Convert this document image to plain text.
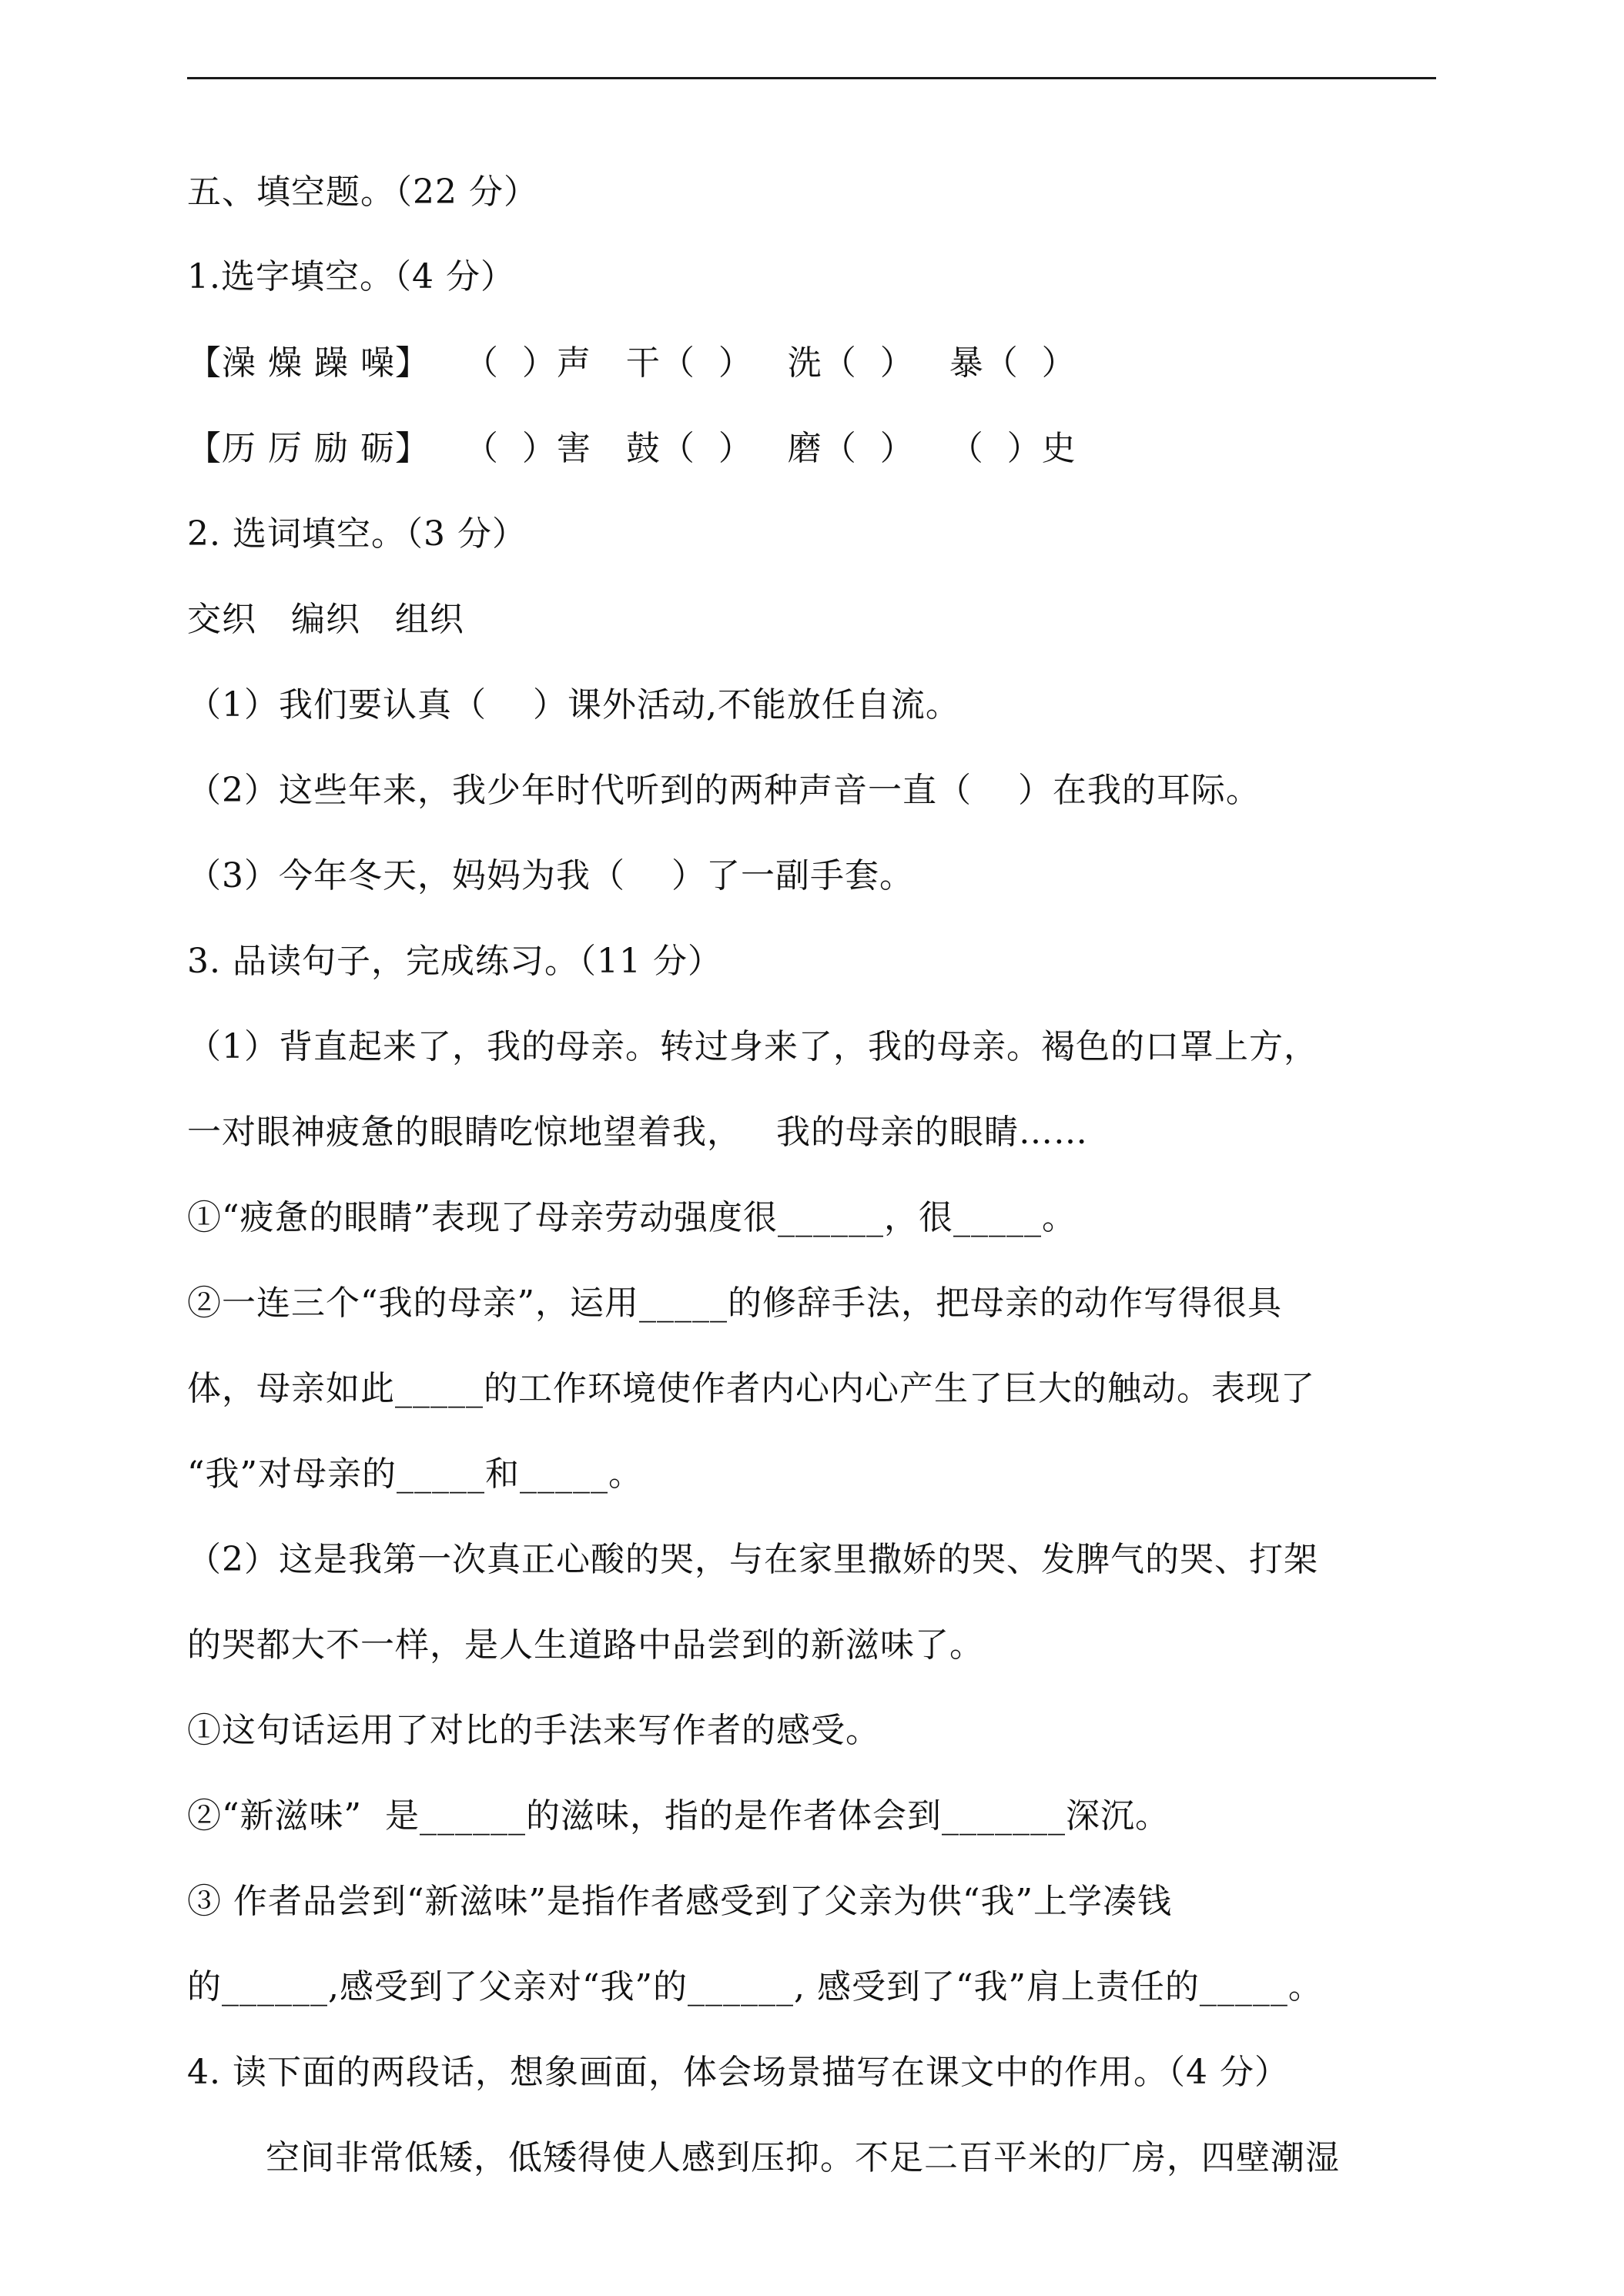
五、填空题。（22 分）
1.选字填空。（4 分）
【澡 燥 躁 噪】   （  ）声   干（  ）   洗（  ）   暴（  ）
【历 厉 励 砺】   （  ）害   鼓（  ）   磨（  ）   （  ）史
2. 选词填空。（3 分）
交织   编织   组织
（1）我们要认真（    ）课外活动,不能放任自流。
（2）这些年来，我少年时代听到的两种声音一直（    ）在我的耳际。
（3）今年冬天，妈妈为我（    ）了一副手套。
3. 品读句子，完成练习。（11 分）
（1）背直起来了，我的母亲。转过身来了，我的母亲。褐色的口罩上方，
一对眼神疲惫的眼睛吃惊地望着我，   我的母亲的眼睛……
①“疲惫的眼睛”表现了母亲劳动强度很______，很_____。
②一连三个“我的母亲”，运用_____的修辞手法，把母亲的动作写得很具
体，母亲如此_____的工作环境使作者内心内心产生了巨大的触动。表现了
“我”对母亲的_____和_____。
（2）这是我第一次真正心酸的哭，与在家里撒娇的哭、发脾气的哭、打架
的哭都大不一样，是人生道路中品尝到的新滋味了。
①这句话运用了对比的手法来写作者的感受。
②“新滋味”  是______的滋味，指的是作者体会到_______深沉。
③ 作者品尝到“新滋味”是指作者感受到了父亲为供“我”上学凑钱
的______,感受到了父亲对“我”的______, 感受到了“我”肩上责任的_____。
4. 读下面的两段话，想象画面，体会场景描写在课文中的作用。（4 分）
空间非常低矮，低矮得使人感到压抑。不足二百平米的厂房，四壁潮湿
